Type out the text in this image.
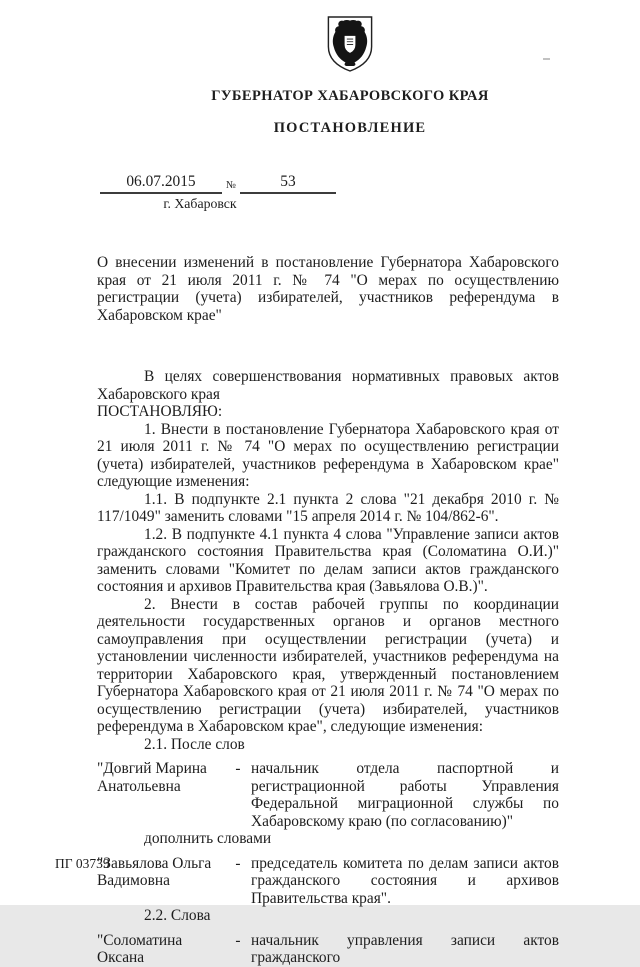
ГУБЕРНАТОР ХАБАРОВСКОГО КРАЯ
ПОСТАНОВЛЕНИЕ
06.07.2015	№	53
г. Хабаровск
О внесении изменений в постановление Губернатора Хабаровского края от 21 июля 2011 г. № 74 "О мерах по осуществлению регистрации (учета) избирателей, участников референдума в Хабаровском крае"

В целях совершенствования нормативных правовых актов Хабаровского края

ПОСТАНОВЛЯЮ:

1. Внести в постановление Губернатора Хабаровского края от 21 июля 2011 г. № 74 "О мерах по осуществлению регистрации (учета) избирателей, участников референдума в Хабаровском крае" следующие изменения:

1.1. В подпункте 2.1 пункта 2 слова "21 декабря 2010 г. № 117/1049" заменить словами "15 апреля 2014 г. № 104/862-6".

1.2. В подпункте 4.1 пункта 4 слова "Управление записи актов гражданского состояния Правительства края (Соломатина О.И.)" заменить словами "Комитет по делам записи актов гражданского состояния и архивов Правительства края (Завьялова О.В.)".

2. Внести в состав рабочей группы по координации деятельности государственных органов и органов местного самоуправления при осуществлении регистрации (учета) и установлении численности избирателей, участников референдума на территории Хабаровского края, утвержденный постановлением Губернатора Хабаровского края от 21 июля 2011 г. № 74 "О мерах по осуществлению регистрации (учета) избирателей, участников референдума в Хабаровском крае", следующие изменения:

2.1. После слов

"Довгий Марина Анатольевна
- начальник отдела паспортной и регистрационной работы Управления Федеральной миграционной службы по Хабаровскому краю (по согласованию)"

дополнить словами

"Завьялова Ольга Вадимовна
- председатель комитета по делам записи актов гражданского состояния и архивов Правительства края".

2.2. Слова

"Соломатина Оксана
- начальник управления записи актов гражданского
ПГ 03739
